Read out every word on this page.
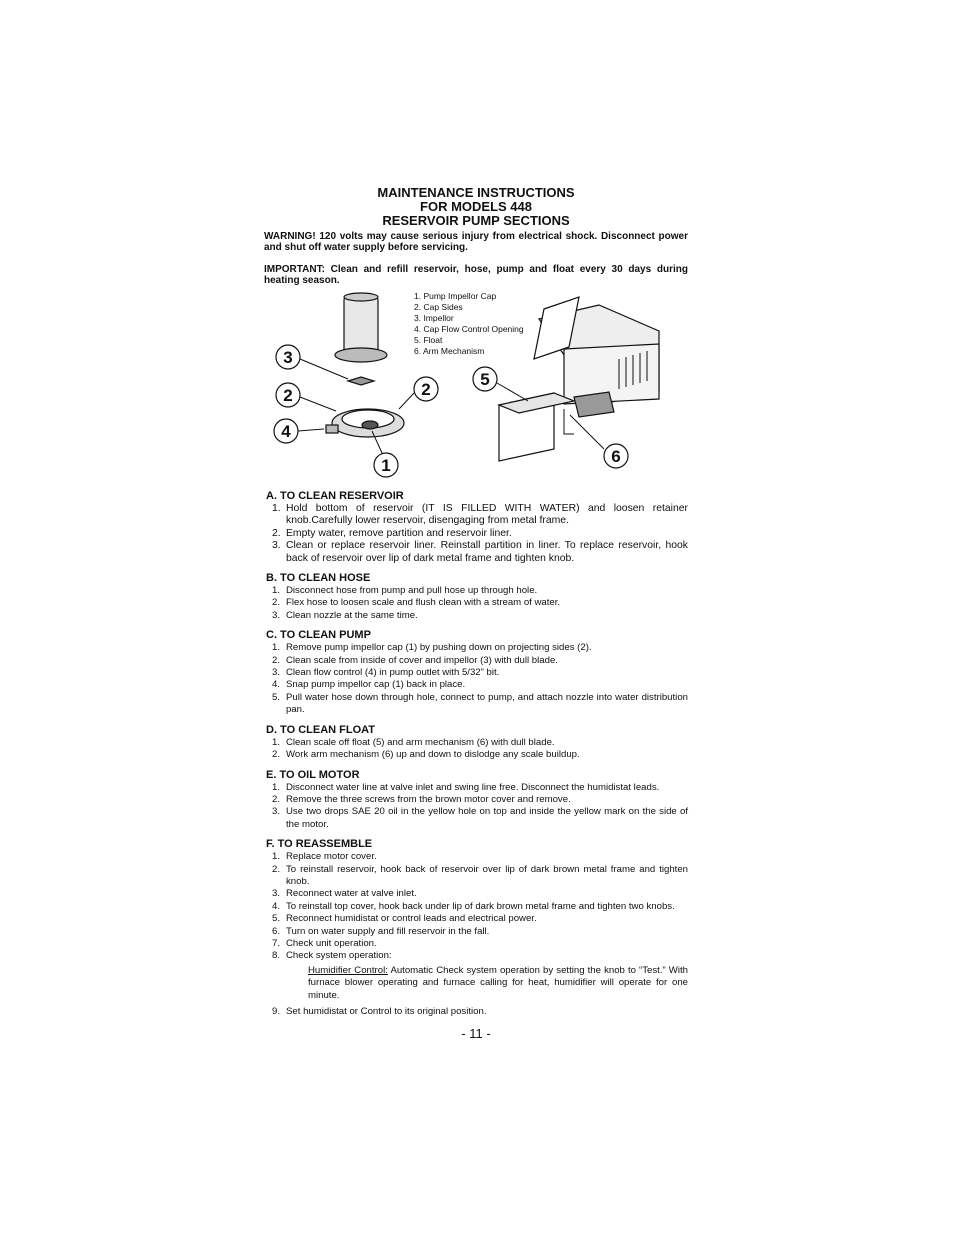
MAINTENANCE INSTRUCTIONS
FOR MODELS 448
RESERVOIR PUMP SECTIONS
WARNING! 120 volts may cause serious injury from electrical shock. Disconnect power and shut off water supply before servicing.
IMPORTANT: Clean and refill reservoir, hose, pump and float every 30 days during heating season.
3
2	2
4
1
5
6
1. Pump Impellor Cap
2. Cap Sides
3. Impellor
4. Cap Flow Control Opening
5. Float
6. Arm Mechanism
A. TO CLEAN RESERVOIR
1. Hold bottom of reservoir (IT IS FILLED WITH WATER) and loosen retainer knob.Carefully lower reservoir, disengaging from metal frame.
2. Empty water, remove partition and reservoir liner.
3. Clean or replace reservoir liner. Reinstall partition in liner. To replace reservoir, hook back of reservoir over lip of dark metal frame and tighten knob.
B. TO CLEAN HOSE
1. Disconnect hose from pump and pull hose up through hole.
2. Flex hose to loosen scale and flush clean with a stream of water.
3. Clean nozzle at the same time.
C. TO CLEAN PUMP
1. Remove pump impellor cap (1) by pushing down on projecting sides (2).
2. Clean scale from inside of cover and impellor (3) with dull blade.
3. Clean flow control (4) in pump outlet with 5/32” bit.
4. Snap pump impellor cap (1) back in place.
5. Pull water hose down through hole, connect to pump, and attach nozzle into water distribution pan.
D. TO CLEAN FLOAT
1. Clean scale off float (5) and arm mechanism (6) with dull blade.
2. Work arm mechanism (6) up and down to dislodge any scale buildup.
E. TO OIL MOTOR
1. Disconnect water line at valve inlet and swing line free. Disconnect the humidistat leads.
2. Remove the three screws from the brown motor cover and remove.
3. Use two drops SAE 20 oil in the yellow hole on top and inside the yellow mark on the side of the motor.
F. TO REASSEMBLE
1. Replace motor cover.
2. To reinstall reservoir, hook back of reservoir over lip of dark brown metal frame and tighten knob.
3. Reconnect water at valve inlet.
4. To reinstall top cover, hook back under lip of dark brown metal frame and tighten two knobs.
5. Reconnect humidistat or control leads and electrical power.
6. Turn on water supply and fill reservoir in the fall.
7. Check unit operation.
8. Check system operation:
Humidifier Control: Automatic Check system operation by setting the knob to “Test.” With furnace blower operating and furnace calling for heat, humidifier will operate for one minute.
9. Set humidistat or Control to its original position.
- 11 -
